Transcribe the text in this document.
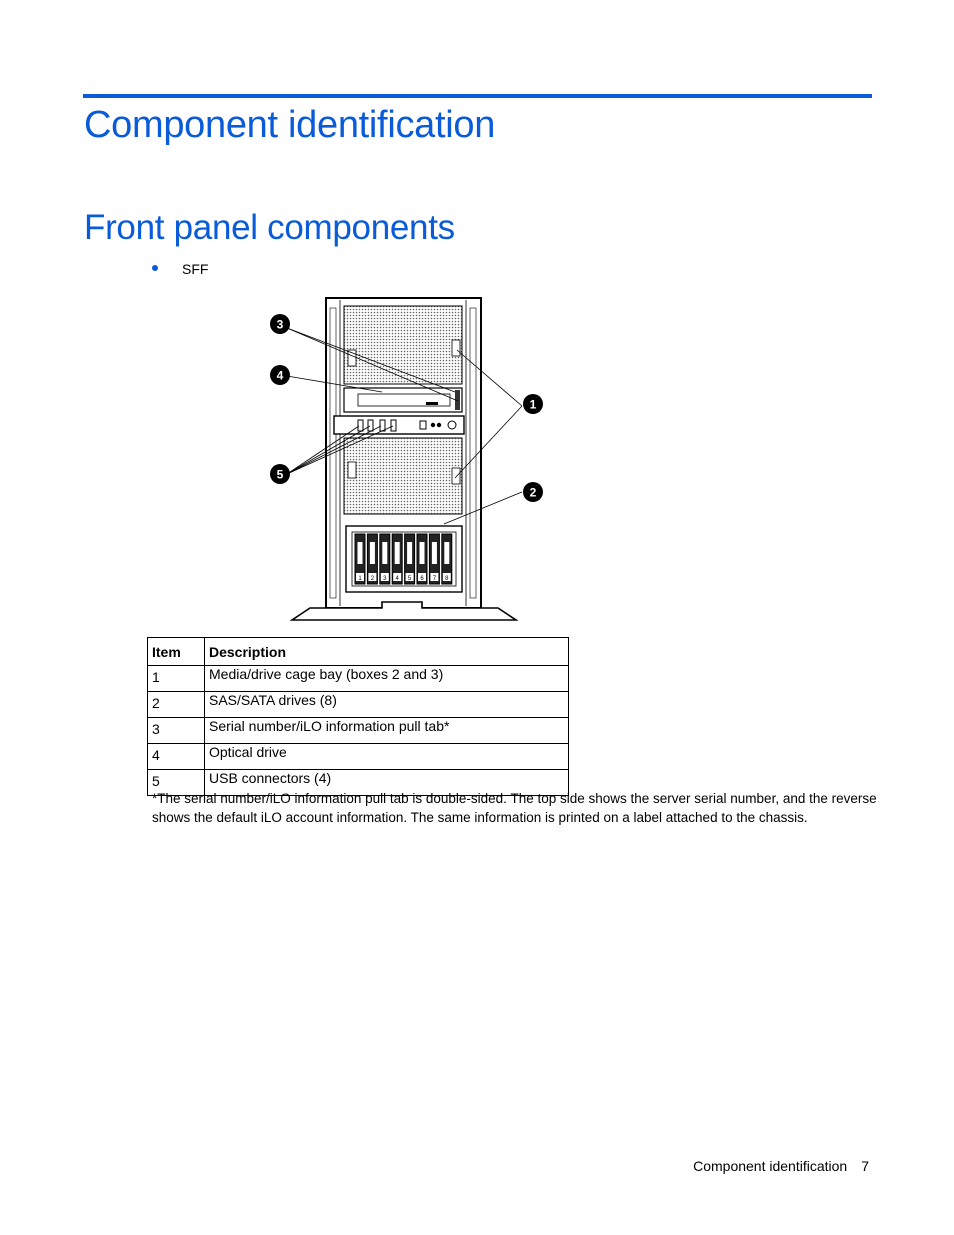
Component identification
Front panel components
SFF
1 2 3 4 5 6 7 8
3
4
5
1
2
Item	Description
1	Media/drive cage bay (boxes 2 and 3)
2	SAS/SATA drives (8)
3	Serial number/iLO information pull tab*
4	Optical drive
5	USB connectors (4)
*The serial number/iLO information pull tab is double-sided. The top side shows the server serial number, and the reverse shows the default iLO account information. The same information is printed on a label attached to the chassis.
Component identification 7
